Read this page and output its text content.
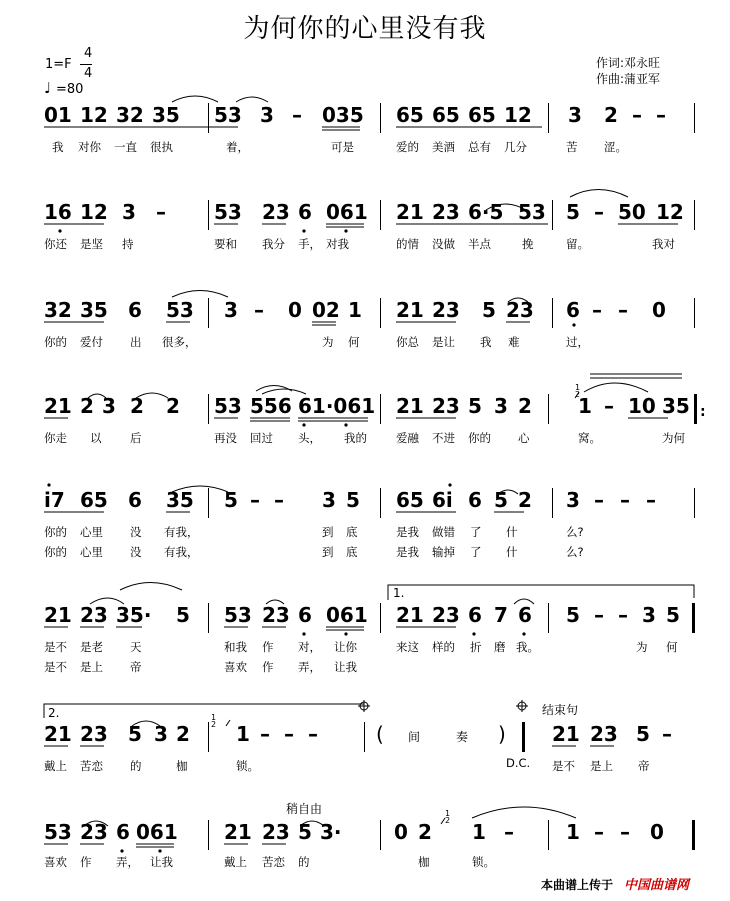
为何你的心里没有我
1=F
4
4
♩ =80
作词:邓永旺
作曲:蒲亚军
01 12 32 35 53 3 – 035 65 65 65 12 3 2 – –
我 对你 一直 很执	着，	可是	爱的 美酒 总有 几分	苦 涩。
16 12 3 – 53 23 6 061 21 23 6·5 53 5 – 50 12
你还 是坚 持	要和 我分 手， 对我	的情 没做 半点	挽	留。	我对
32 35 6 53 3 – 0 02 1 21 23 5 23 6 – – 0
你的 爱付 出 很多，	为 何	你总 是让 我 难	过，
21 2 3 2 2 53 556 61·061 21 23 5 3 2 1 – 10 35 :
你走 以 后	再没 回过 头， 我的	爱融 不进 你的 心	窝。	为何
i7 65 6 35 5 – – 3 5 65 6i 6 5 2 3 – – –
你的 心里 没 有我，	到 底	是我 做错 了 什	么?
你的 心里 没 有我，	到 底	是我 输掉 了 什	么?
1.
21 23 35· 5 53 23 6 061 21 23 6 7 6 5 – – 3 5
是不 是老 天	和我 作 对， 让你	来这 样的 折 磨 我。	为 何
是不 是上 帝	喜欢 作 弄， 让我
2.	结束句
21 23 5 3 2 1 – – –	( 间	奏 ) 21 23 5 –
戴上 苦恋 的	枷	锁。	D.C. 是不 是上 帝
稍自由
53 23 6 061 21 23 5 3·	0 2 1 –	1 – – 0
喜欢 作 弄， 让我	戴上 苦恋 的	枷	锁。
1
2
1
2
1
2
本曲谱上传于 中国曲谱网
